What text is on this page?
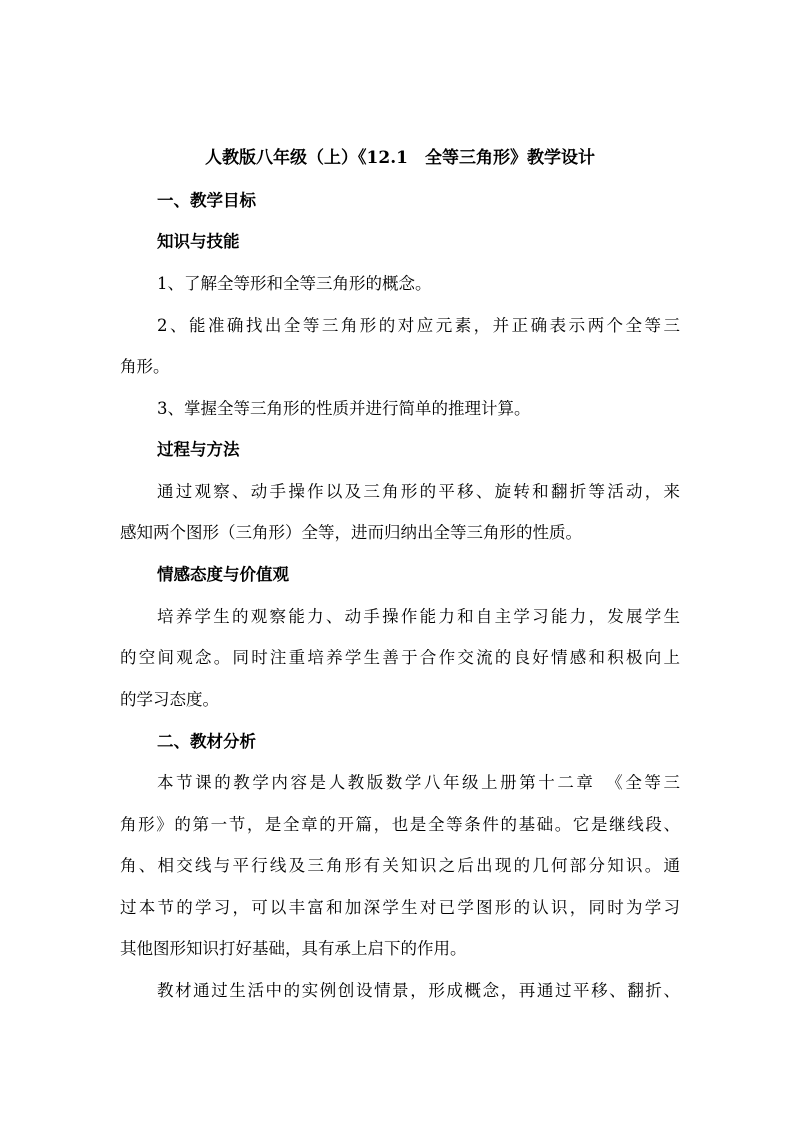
人教版八年级（上）《12.1　全等三角形》教学设计
一、教学目标
知识与技能
1、了解全等形和全等三角形的概念。
2、能准确找出全等三角形的对应元素，并正确表示两个全等三
角形。
3、掌握全等三角形的性质并进行简单的推理计算。
过程与方法
通过观察、动手操作以及三角形的平移、旋转和翻折等活动，来
感知两个图形（三角形）全等，进而归纳出全等三角形的性质。
情感态度与价值观
培养学生的观察能力、动手操作能力和自主学习能力，发展学生
的空间观念。同时注重培养学生善于合作交流的良好情感和积极向上
的学习态度。
二、教材分析
本节课的教学内容是人教版数学八年级上册第十二章　《全等三
角形》的第一节，是全章的开篇，也是全等条件的基础。它是继线段、
角、相交线与平行线及三角形有关知识之后出现的几何部分知识。通
过本节的学习，可以丰富和加深学生对已学图形的认识，同时为学习
其他图形知识打好基础，具有承上启下的作用。
教材通过生活中的实例创设情景，形成概念，再通过平移、翻折、
